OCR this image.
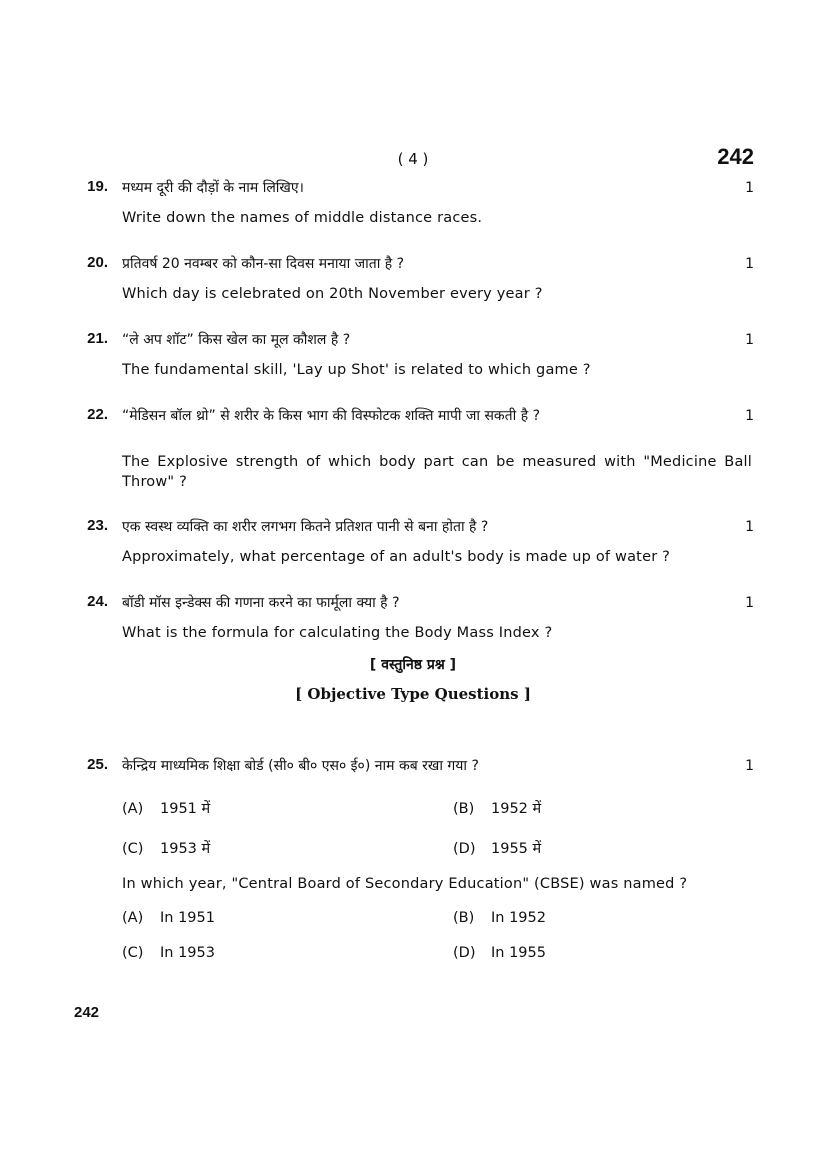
( 4 )	242
19. मध्यम दूरी की दौड़ों के नाम लिखिए।	1
Write down the names of middle distance races.
20. प्रतिवर्ष 20 नवम्बर को कौन-सा दिवस मनाया जाता है ?	1
Which day is celebrated on 20th November every year ?
21. “ले अप शॉट” किस खेल का मूल कौशल है ?	1
The fundamental skill, 'Lay up Shot' is related to which game ?
22. “मेडिसन बॉल थ्रो” से शरीर के किस भाग की विस्फोटक शक्ति मापी जा सकती है ?	1
The Explosive strength of which body part can be measured with "Medicine Ball Throw" ?
23. एक स्वस्थ व्यक्ति का शरीर लगभग कितने प्रतिशत पानी से बना होता है ?	1
Approximately, what percentage of an adult's body is made up of water ?
24. बॉडी मॉस इन्डेक्स की गणना करने का फार्मूला क्या है ?	1
What is the formula for calculating the Body Mass Index ?
[ वस्तुनिष्ठ प्रश्न ]
[ Objective Type Questions ]
25. केन्द्रिय माध्यमिक शिक्षा बोर्ड (सी० बी० एस० ई०) नाम कब रखा गया ?	1
(A) 1951 में	(B) 1952 में
(C) 1953 में	(D) 1955 में
In which year, "Central Board of Secondary Education" (CBSE) was named ?
(A) In 1951	(B) In 1952
(C) In 1953	(D) In 1955
242
